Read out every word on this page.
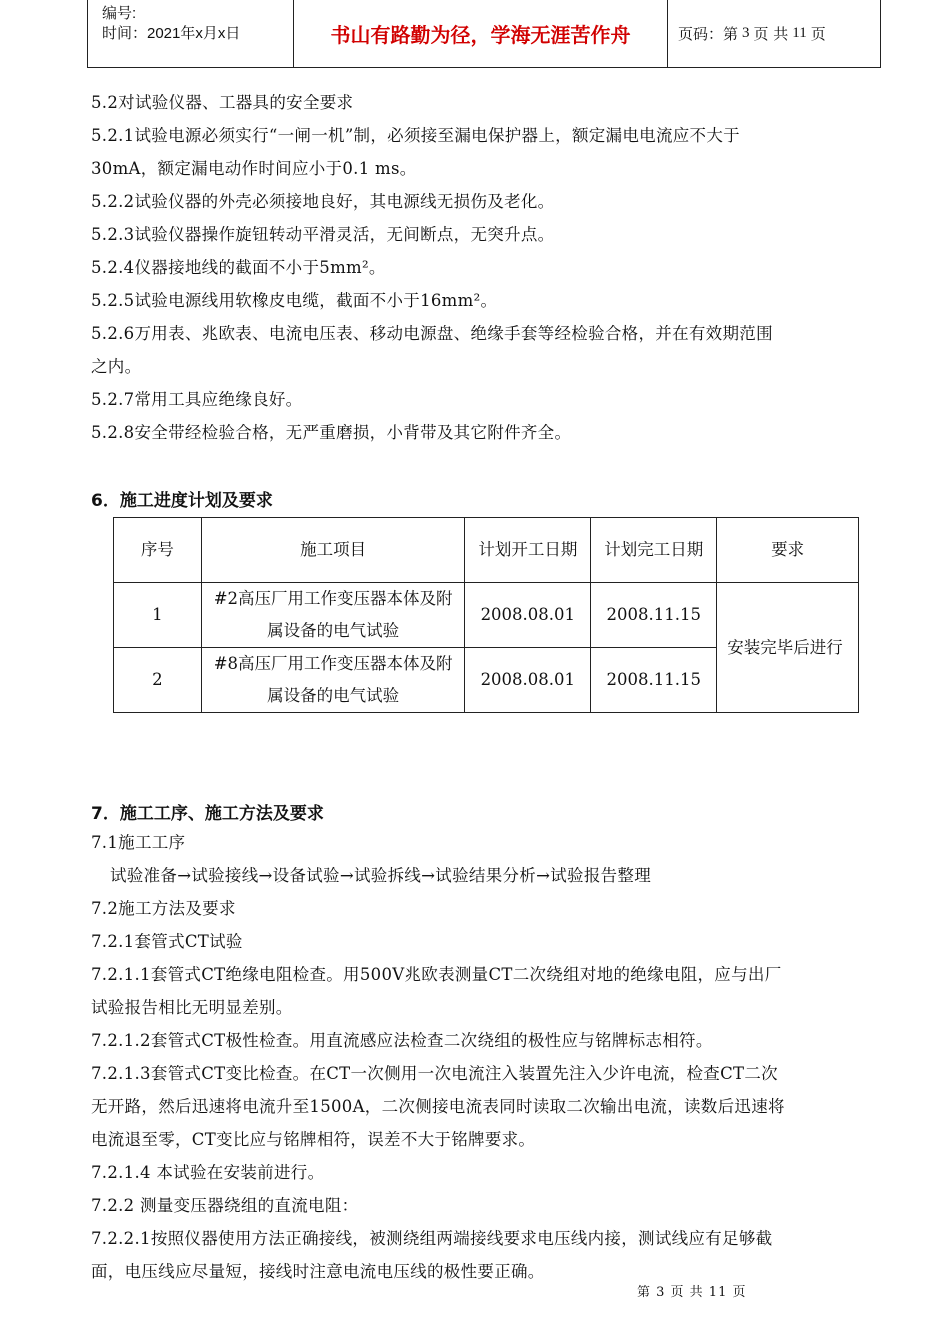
编号:
时间：2021年x月x日	书山有路勤为径，学海无涯苦作舟	页码：第 3 页 共 11 页
5.2对试验仪器、工器具的安全要求
5.2.1试验电源必须实行“一闸一机”制，必须接至漏电保护器上，额定漏电电流应不大于
30mA，额定漏电动作时间应小于0.1 ms。
5.2.2试验仪器的外壳必须接地良好，其电源线无损伤及老化。
5.2.3试验仪器操作旋钮转动平滑灵活，无间断点，无突升点。
5.2.4仪器接地线的截面不小于5mm²。
5.2.5试验电源线用软橡皮电缆，截面不小于16mm²。
5.2.6万用表、兆欧表、电流电压表、移动电源盘、绝缘手套等经检验合格，并在有效期范围
之内。
5.2.7常用工具应绝缘良好。
5.2.8安全带经检验合格，无严重磨损，小背带及其它附件齐全。
6．施工进度计划及要求
序号	施工项目	计划开工日期	计划完工日期	要求
1	#2高压厂用工作变压器本体及附属设备的电气试验	2008.08.01	2008.11.15	安装完毕后进行
2	#8高压厂用工作变压器本体及附属设备的电气试验	2008.08.01	2008.11.15	
7．施工工序、施工方法及要求
7.1施工工序
试验准备→试验接线→设备试验→试验拆线→试验结果分析→试验报告整理
7.2施工方法及要求
7.2.1套管式CT试验
7.2.1.1套管式CT绝缘电阻检查。用500V兆欧表测量CT二次绕组对地的绝缘电阻，应与出厂
试验报告相比无明显差别。
7.2.1.2套管式CT极性检查。用直流感应法检查二次绕组的极性应与铭牌标志相符。
7.2.1.3套管式CT变比检查。在CT一次侧用一次电流注入装置先注入少许电流，检查CT二次
无开路，然后迅速将电流升至1500A，二次侧接电流表同时读取二次输出电流，读数后迅速将
电流退至零，CT变比应与铭牌相符，误差不大于铭牌要求。
7.2.1.4 本试验在安装前进行。
7.2.2 测量变压器绕组的直流电阻：
7.2.2.1按照仪器使用方法正确接线，被测绕组两端接线要求电压线内接，测试线应有足够截
面，电压线应尽量短，接线时注意电流电压线的极性要正确。
第 3 页 共 11 页
